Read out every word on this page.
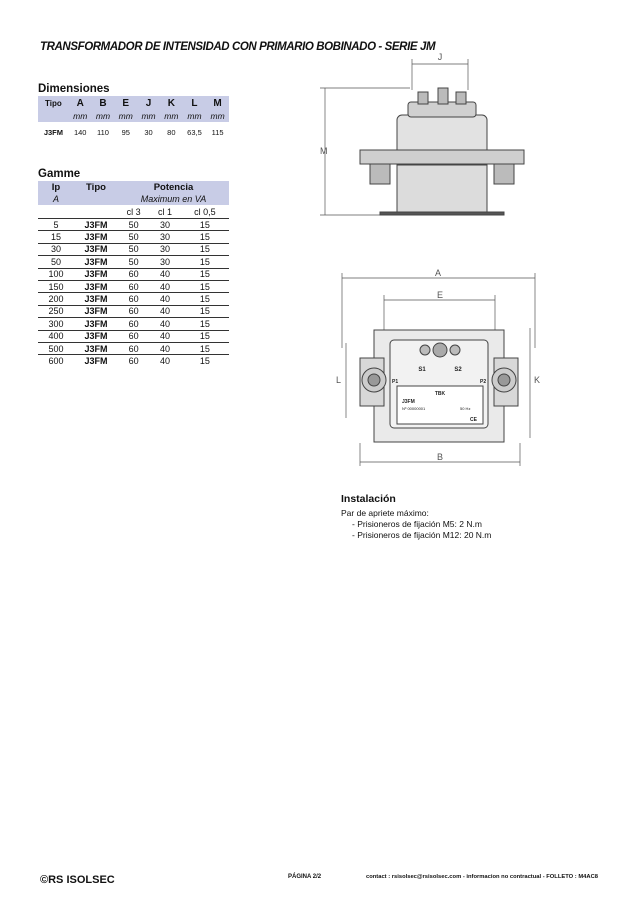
TRANSFORMADOR DE INTENSIDAD CON PRIMARIO BOBINADO - SERIE JM
Dimensiones
Tipo	A	B	E	J	K	L	M
	mm	mm	mm	mm	mm	mm	mm
J3FM	140	110	95	30	80	63,5	115
Gamme
Ip	Tipo	Potencia		
A		Maximum en VA		
		cl 3	cl 1	cl 0,5
5	J3FM	50	30	15
15	J3FM	50	30	15
30	J3FM	50	30	15
50	J3FM	50	30	15
100	J3FM	60	40	15
150	J3FM	60	40	15
200	J3FM	60	40	15
250	J3FM	60	40	15
300	J3FM	60	40	15
400	J3FM	60	40	15
500	J3FM	60	40	15
600	J3FM	60	40	15
J
M
A
E
L	K
B
S1	S2
P1	P2
TBK
J3FM
Nº 00000001	50 Hz
CE
Instalación
Par de apriete máximo:
- Prisioneros de fijación M5: 2 N.m
- Prisioneros de fijación M12: 20 N.m
©RS ISOLSEC	PÁGINA 2/2	contact : rsisolsec@rsisolsec.com - informacion no contractual - FOLLETO : M4AC8
